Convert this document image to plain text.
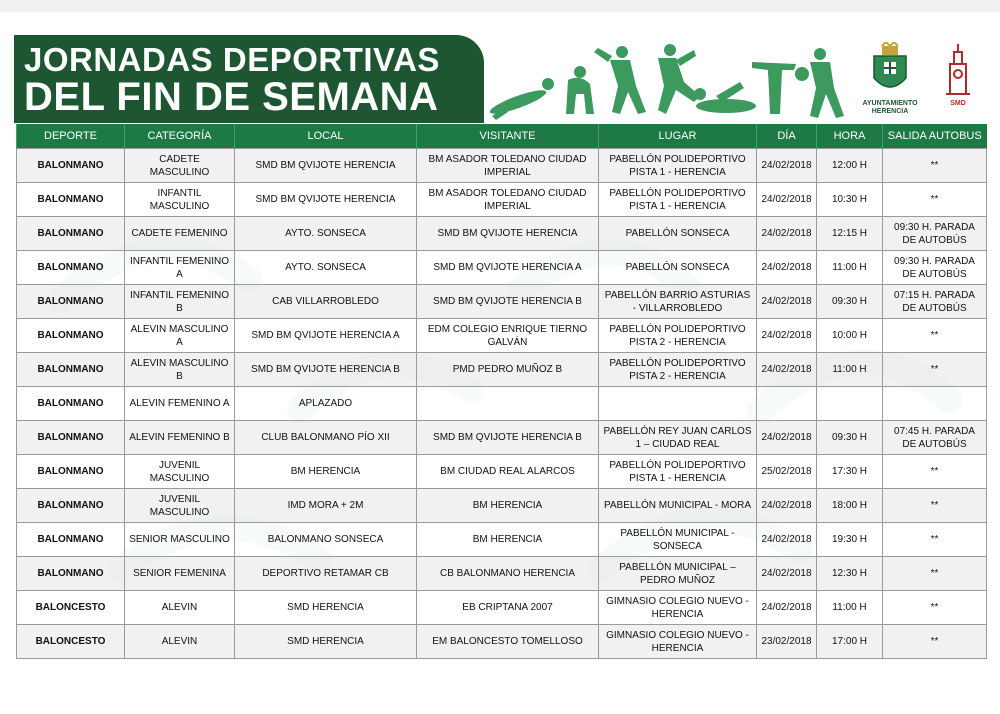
JORNADAS DEPORTIVAS
DEL FIN DE SEMANA	AYUNTAMIENTO HERENCIA
SMD
DEPORTE	CATEGORÍA	LOCAL	VISITANTE	LUGAR	DÍA	HORA	SALIDA AUTOBUS
BALONMANO	CADETE MASCULINO	SMD BM QVIJOTE HERENCIA	BM ASADOR TOLEDANO CIUDAD IMPERIAL	PABELLÓN POLIDEPORTIVO PISTA 1 - HERENCIA	24/02/2018	12:00 H	**
BALONMANO	INFANTIL MASCULINO	SMD BM QVIJOTE HERENCIA	BM ASADOR TOLEDANO CIUDAD IMPERIAL	PABELLÓN POLIDEPORTIVO PISTA 1 - HERENCIA	24/02/2018	10:30 H	**
BALONMANO	CADETE FEMENINO	AYTO. SONSECA	SMD BM QVIJOTE HERENCIA	PABELLÓN SONSECA	24/02/2018	12:15 H	09:30 H. PARADA DE AUTOBÚS
BALONMANO	INFANTIL FEMENINO A	AYTO. SONSECA	SMD BM QVIJOTE HERENCIA A	PABELLÓN SONSECA	24/02/2018	11:00 H	09:30 H. PARADA DE AUTOBÚS
BALONMANO	INFANTIL FEMENINO B	CAB VILLARROBLEDO	SMD BM QVIJOTE HERENCIA B	PABELLÓN BARRIO ASTURIAS - VILLARROBLEDO	24/02/2018	09:30 H	07:15 H. PARADA DE AUTOBÚS
BALONMANO	ALEVIN MASCULINO A	SMD BM QVIJOTE HERENCIA A	EDM COLEGIO ENRIQUE TIERNO GALVÁN	PABELLÓN POLIDEPORTIVO PISTA 2 - HERENCIA	24/02/2018	10:00 H	**
BALONMANO	ALEVIN MASCULINO B	SMD BM QVIJOTE HERENCIA B	PMD PEDRO MUÑOZ B	PABELLÓN POLIDEPORTIVO PISTA 2 - HERENCIA	24/02/2018	11:00 H	**
BALONMANO	ALEVIN FEMENINO A	APLAZADO					
BALONMANO	ALEVIN FEMENINO B	CLUB BALONMANO PÍO XII	SMD BM QVIJOTE HERENCIA B	PABELLÓN REY JUAN CARLOS 1 – CIUDAD REAL	24/02/2018	09:30 H	07:45 H. PARADA DE AUTOBÚS
BALONMANO	JUVENIL MASCULINO	BM HERENCIA	BM CIUDAD REAL ALARCOS	PABELLÓN POLIDEPORTIVO PISTA 1 - HERENCIA	25/02/2018	17:30 H	**
BALONMANO	JUVENIL MASCULINO	IMD MORA + 2M	BM HERENCIA	PABELLÓN MUNICIPAL - MORA	24/02/2018	18:00 H	**
BALONMANO	SENIOR MASCULINO	BALONMANO SONSECA	BM HERENCIA	PABELLÓN MUNICIPAL - SONSECA	24/02/2018	19:30 H	**
BALONMANO	SENIOR FEMENINA	DEPORTIVO RETAMAR CB	CB BALONMANO HERENCIA	PABELLÓN MUNICIPAL – PEDRO MUÑOZ	24/02/2018	12:30 H	**
BALONCESTO	ALEVIN	SMD HERENCIA	EB CRIPTANA 2007	GIMNASIO COLEGIO NUEVO - HERENCIA	24/02/2018	11:00 H	**
BALONCESTO	ALEVIN	SMD HERENCIA	EM BALONCESTO TOMELLOSO	GIMNASIO COLEGIO NUEVO - HERENCIA	23/02/2018	17:00 H	**
